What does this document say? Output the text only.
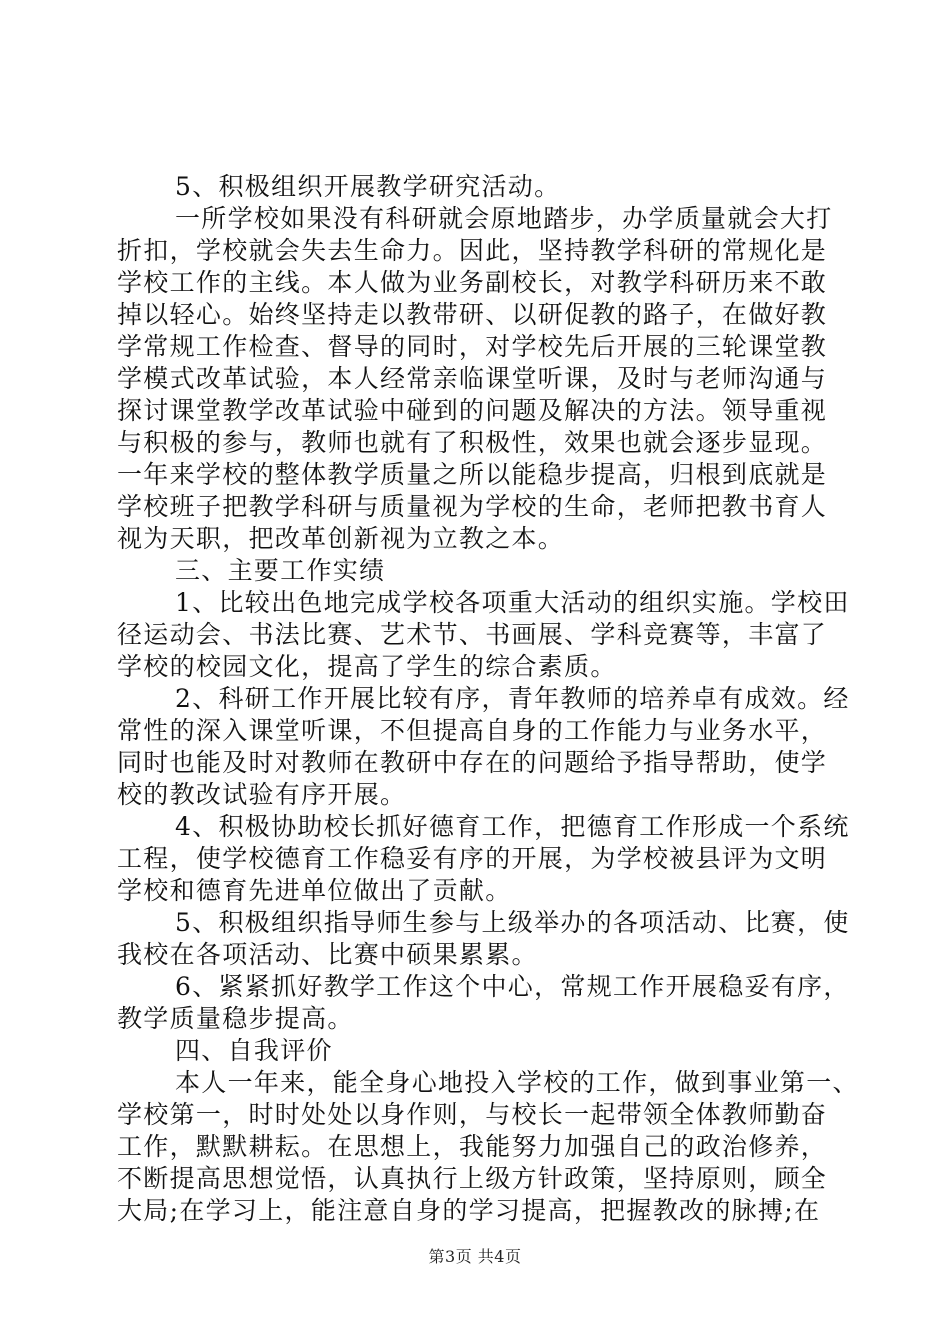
5、积极组织开展教学研究活动。
一所学校如果没有科研就会原地踏步，办学质量就会大打
折扣，学校就会失去生命力。因此，坚持教学科研的常规化是
学校工作的主线。本人做为业务副校长，对教学科研历来不敢
掉以轻心。始终坚持走以教带研、以研促教的路子，在做好教
学常规工作检查、督导的同时，对学校先后开展的三轮课堂教
学模式改革试验，本人经常亲临课堂听课，及时与老师沟通与
探讨课堂教学改革试验中碰到的问题及解决的方法。领导重视
与积极的参与，教师也就有了积极性，效果也就会逐步显现。
一年来学校的整体教学质量之所以能稳步提高，归根到底就是
学校班子把教学科研与质量视为学校的生命，老师把教书育人
视为天职，把改革创新视为立教之本。
三、主要工作实绩
1、比较出色地完成学校各项重大活动的组织实施。学校田
径运动会、书法比赛、艺术节、书画展、学科竞赛等，丰富了
学校的校园文化，提高了学生的综合素质。
2、科研工作开展比较有序，青年教师的培养卓有成效。经
常性的深入课堂听课，不但提高自身的工作能力与业务水平，
同时也能及时对教师在教研中存在的问题给予指导帮助，使学
校的教改试验有序开展。
4、积极协助校长抓好德育工作，把德育工作形成一个系统
工程，使学校德育工作稳妥有序的开展，为学校被县评为文明
学校和德育先进单位做出了贡献。
5、积极组织指导师生参与上级举办的各项活动、比赛，使
我校在各项活动、比赛中硕果累累。
6、紧紧抓好教学工作这个中心，常规工作开展稳妥有序，
教学质量稳步提高。
四、自我评价
本人一年来，能全身心地投入学校的工作，做到事业第一、
学校第一，时时处处以身作则，与校长一起带领全体教师勤奋
工作，默默耕耘。在思想上，我能努力加强自己的政治修养，
不断提高思想觉悟，认真执行上级方针政策，坚持原则，顾全
大局;在学习上，能注意自身的学习提高，把握教改的脉搏;在
第3页 共4页
